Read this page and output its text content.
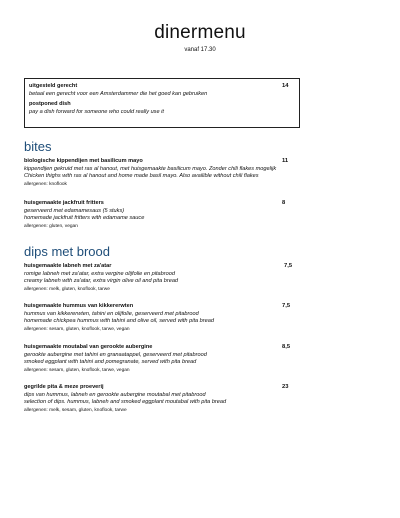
dinermenu
vanaf 17.30
uitgesteld gerecht	14
betaal een gerecht voor een Amsterdammer die het goed kan gebruiken
postponed dish
pay a dish forward for someone who could really use it
bites
biologische kippendijen met basilicum mayo	11
kippendijen gekruid met ras al hanout, met huisgemaakte basilicum mayo. Zonder chili flakes mogelijk
Chicken thighs with ras al hanout and home made basil mayo. Also availible without chili flakes
allergenen: knoflook
huisgemaakte jackfruit fritters	8
geserveerd met edamamesaus (5 stuks)
homemade jackfruit fritters with edamame sauce
allergenen: gluten, vegan
dips met brood
huisgemaakte labneh met za'atar	7,5
romige labneh met za'atar, extra vergine olijfolie en pitabrood
creamy labneh with za'atar, extra virgin olive oil and pita bread
allergenen: melk, gluten, knoflook, tarwe
huisgemaakte hummus van kikkererwten	7,5
hummus van kikkererwten, tahini en olijfolie, geserveerd met pitabrood
homemade chickpea hummus with tahini and olive oil, served with pita bread
allergenen: sesam, gluten, knoflook, tarwe, vegan
huisgemaakte moutabal van gerookte aubergine	8,5
gerookte aubergine met tahini en granaatappel, geserveerd met pitabrood
smoked eggplant with tahini and pomegranate, served with pita bread
allergenen: sesam, gluten, knoflook, tarwe, vegan
gegrilde pita & meze proeverij	23
dips van hummus, labneh en gerookte aubergine moutabal met pitabrood
selection of dips. hummus, labneh and smoked eggplant moutabal with pita bread
allergenen: melk, sesam, gluten, knoflook, tarwe
